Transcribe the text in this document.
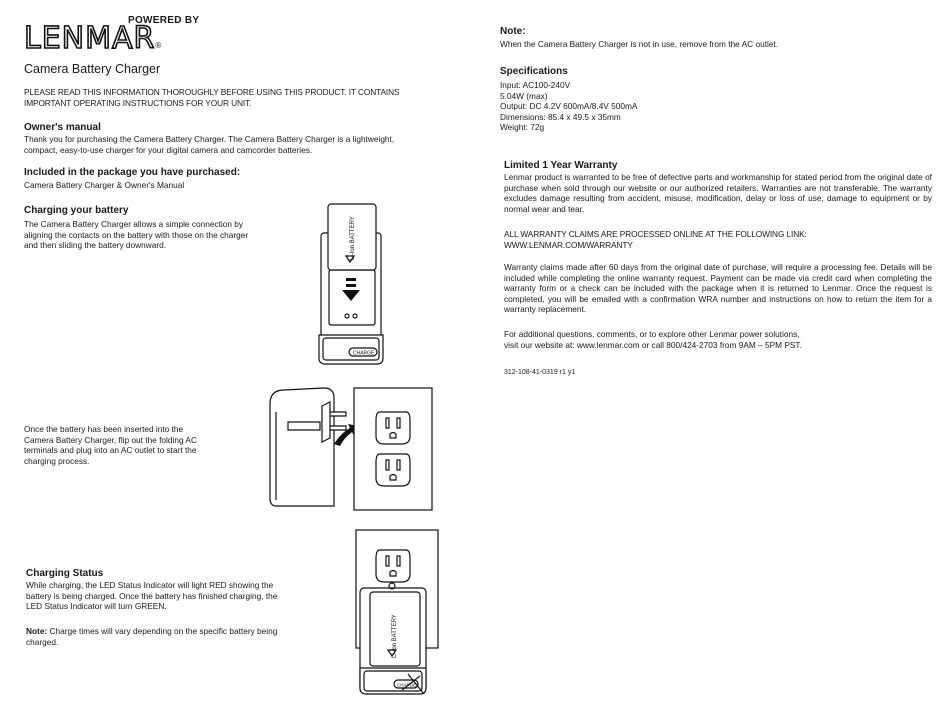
POWERED BY
LENMAR®
Camera Battery Charger
PLEASE READ THIS INFORMATION THOROUGHLY BEFORE USING THIS PRODUCT. IT CONTAINS IMPORTANT OPERATING INSTRUCTIONS FOR YOUR UNIT.
Owner's manual
Thank you for purchasing the Camera Battery Charger. The Camera Battery Charger is a lightweight, compact, easy-to-use charger for your digital camera and camcorder batteries.
Included in the package you have purchased:
Camera Battery Charger & Owner's Manual
Charging your battery
The Camera Battery Charger allows a simple connection by aligning the contacts on the battery with those on the charger and then sliding the battery downward.
Once the battery has been inserted into the Camera Battery Charger, flip out the folding AC terminals and plug into an AC outlet to start the charging process.
Charging Status
While charging, the LED Status Indicator will light RED showing the battery is being charged. Once the battery has finished charging, the LED Status Indicator will turn GREEN.
Note: Charge times will vary depending on the specific battery being charged.
CHARGE
Li-Ion BATTERY
CHARGE
Li-Ion BATTERY
Note:
When the Camera Battery Charger is not in use, remove from the AC outlet.
Specifications
Input: AC100-240V
5.04W (max)
Output: DC 4.2V 600mA/8.4V 500mA
Dimensions: 85.4 x 49.5 x 35mm
Weight: 72g
Limited 1 Year Warranty
Lenmar product is warranted to be free of defective parts and workmanship for stated period from the original date of purchase when sold through our website or our authorized retailers. Warranties are not transferable. The warranty excludes damage resulting from accident, misuse, modification, delay or loss of use, damage to equipment or by normal wear and tear.
ALL WARRANTY CLAIMS ARE PROCESSED ONLINE AT THE FOLLOWING LINK:
WWW.LENMAR.COM/WARRANTY
Warranty claims made after 60 days from the original date of purchase, will require a processing fee. Details will be included while completing the online warranty request. Payment can be made via credit card when completing the warranty form or a check can be included with the package when it is returned to Lenmar. Once the request is completed, you will be emailed with a confirmation WRA number and instructions on how to return the item for a warranty replacement.
For additional questions, comments, or to explore other Lenmar power solutions,
visit our website at: www.lenmar.com or call 800/424-2703 from 9AM – 5PM PST.
312-108-41-0319 r1 y1
